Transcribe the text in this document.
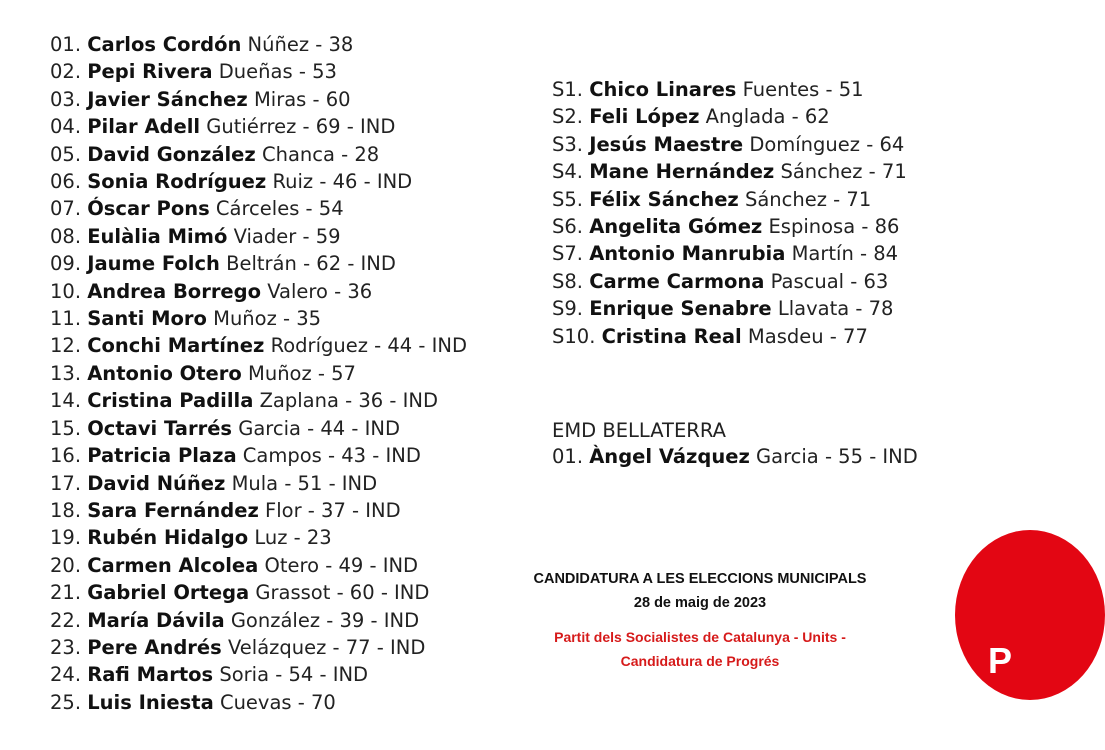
01. Carlos Cordón Núñez - 38
02. Pepi Rivera Dueñas - 53
03. Javier Sánchez Miras - 60
04. Pilar Adell Gutiérrez - 69 - IND
05. David González Chanca - 28
06. Sonia Rodríguez Ruiz - 46 - IND
07. Óscar Pons Cárceles - 54
08. Eulàlia Mimó Viader - 59
09. Jaume Folch Beltrán - 62 - IND
10. Andrea Borrego Valero - 36
11. Santi Moro Muñoz - 35
12. Conchi Martínez Rodríguez - 44 - IND
13. Antonio Otero Muñoz - 57
14. Cristina Padilla Zaplana - 36 - IND
15. Octavi Tarrés Garcia - 44 - IND
16. Patricia Plaza Campos - 43 - IND
17. David Núñez Mula - 51 - IND
18. Sara Fernández Flor - 37 - IND
19. Rubén Hidalgo Luz - 23
20. Carmen Alcolea Otero - 49 - IND
21. Gabriel Ortega Grassot - 60 - IND
22. María Dávila González - 39 - IND
23. Pere Andrés Velázquez - 77 - IND
24. Rafi Martos Soria - 54 - IND
25. Luis Iniesta Cuevas - 70
S1. Chico Linares Fuentes - 51
S2. Feli López Anglada - 62
S3. Jesús Maestre Domínguez - 64
S4. Mane Hernández Sánchez - 71
S5. Félix Sánchez Sánchez - 71
S6. Angelita Gómez Espinosa - 86
S7. Antonio Manrubia Martín - 84
S8. Carme Carmona Pascual - 63
S9. Enrique Senabre Llavata - 78
S10. Cristina Real Masdeu - 77
EMD BELLATERRA
01. Àngel Vázquez Garcia - 55 - IND
CANDIDATURA A LES ELECCIONS MUNICIPALS
28 de maig de 2023
Partit dels Socialistes de Catalunya - Units -
Candidatura de Progrés	P
